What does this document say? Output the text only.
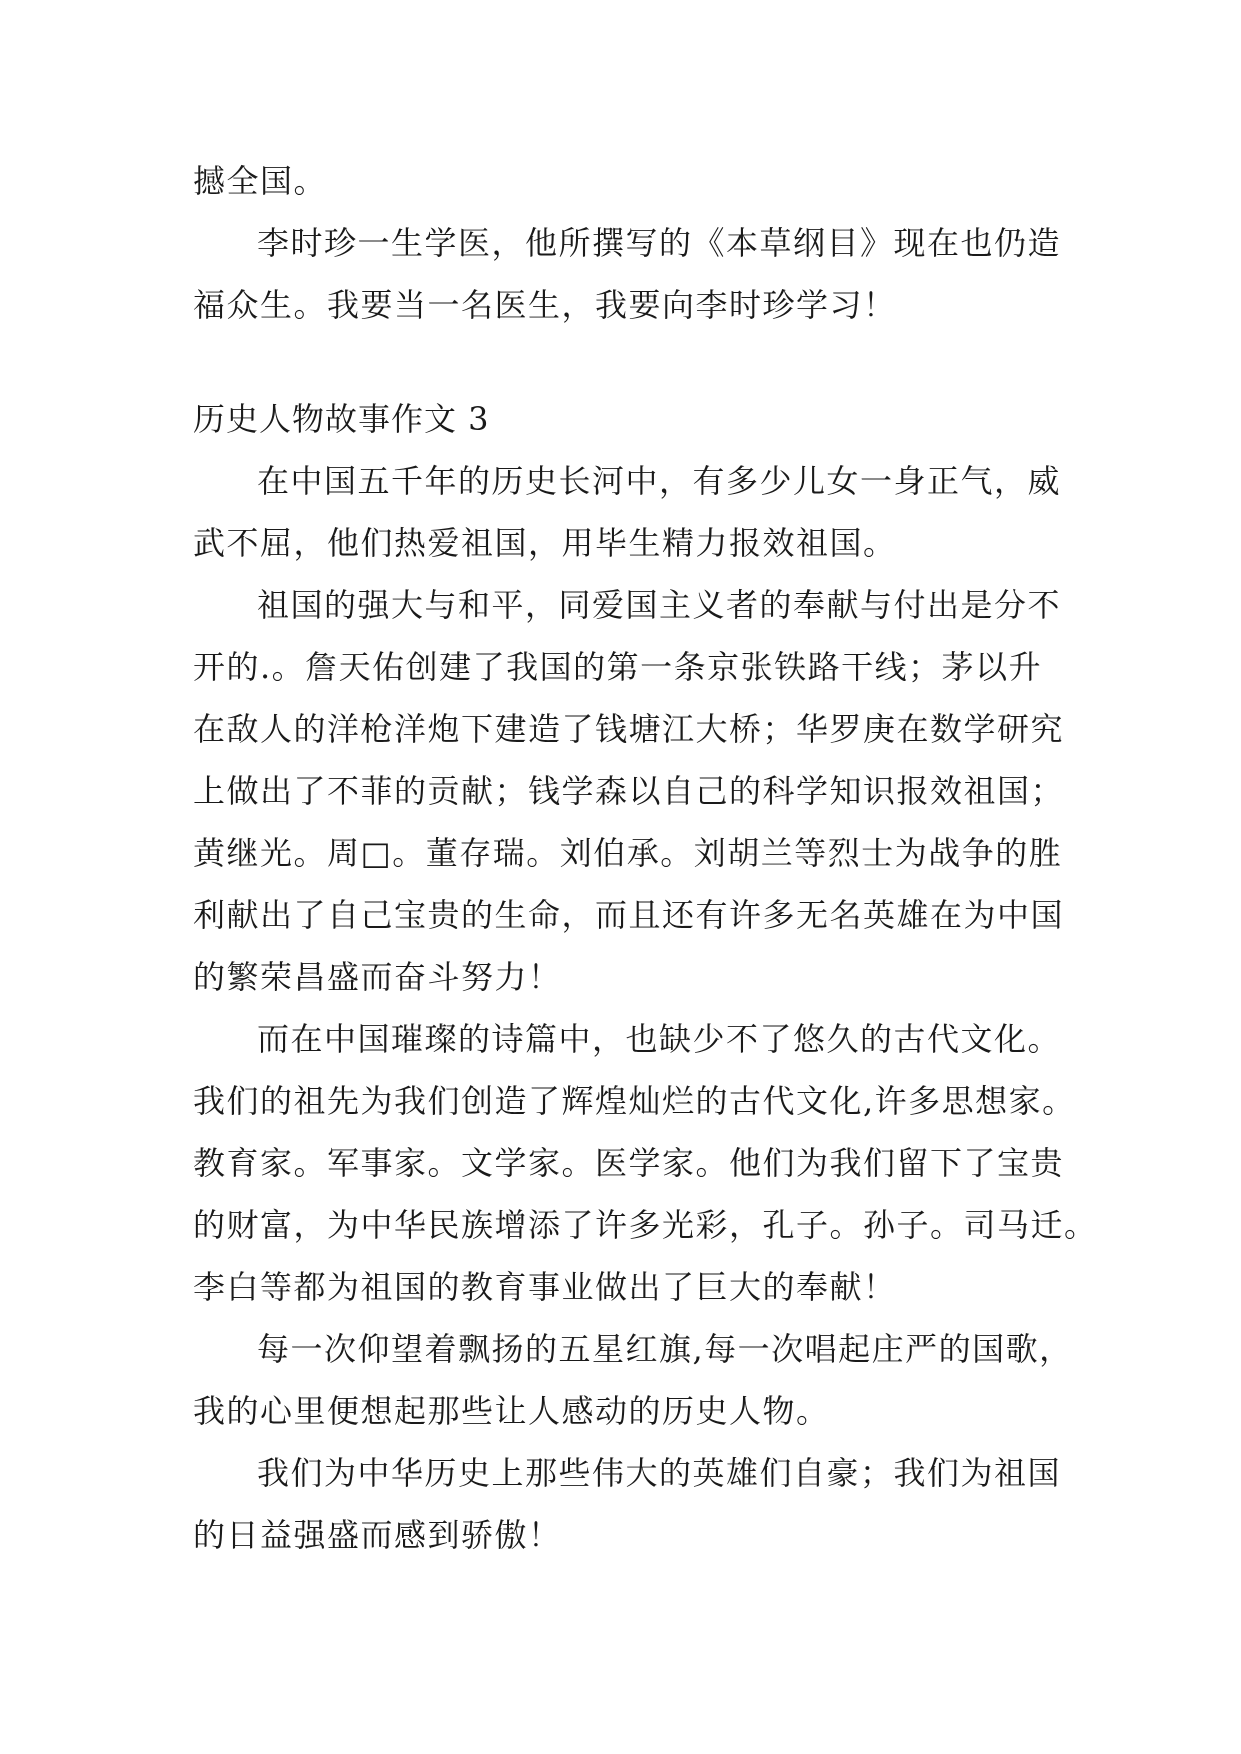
撼全国。
李时珍一生学医，他所撰写的《本草纲目》现在也仍造
福众生。我要当一名医生，我要向李时珍学习！
历史人物故事作文 3
在中国五千年的历史长河中，有多少儿女一身正气，威
武不屈，他们热爱祖国，用毕生精力报效祖国。
祖国的强大与和平，同爱国主义者的奉献与付出是分不
开的.。詹天佑创建了我国的第一条京张铁路干线；茅以升
在敌人的洋枪洋炮下建造了钱塘江大桥；华罗庚在数学研究
上做出了不菲的贡献；钱学森以自己的科学知识报效祖国；
黄继光。周□。董存瑞。刘伯承。刘胡兰等烈士为战争的胜
利献出了自己宝贵的生命，而且还有许多无名英雄在为中国
的繁荣昌盛而奋斗努力！
而在中国璀璨的诗篇中，也缺少不了悠久的古代文化。
我们的祖先为我们创造了辉煌灿烂的古代文化,许多思想家。
教育家。军事家。文学家。医学家。他们为我们留下了宝贵
的财富，为中华民族增添了许多光彩，孔子。孙子。司马迁。
李白等都为祖国的教育事业做出了巨大的奉献！
每一次仰望着飘扬的五星红旗,每一次唱起庄严的国歌，
我的心里便想起那些让人感动的历史人物。
我们为中华历史上那些伟大的英雄们自豪；我们为祖国
的日益强盛而感到骄傲！
